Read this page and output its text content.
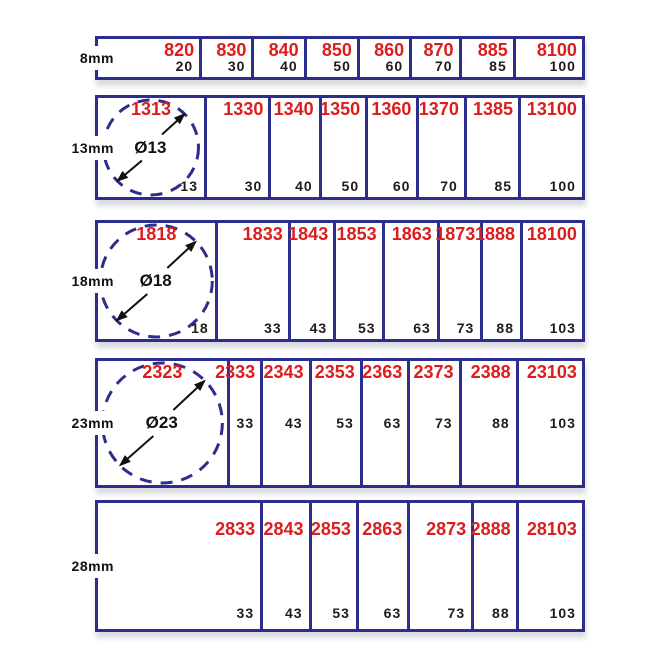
8mm	820
20
830
30
840
40
850
50
860
60
870
70
885
85
8100
100
13mm Ø13
1313
13
1330
30
1340
40
1350
50
1360
60
1370
70
1385
85
13100
100
18mm Ø18
1818
18
1833
33
1843
43
1853
53
1863
63
1873
73
1888
88
18100
103
23mm Ø23
2323	2333
33
2343
43
2353
53
2363
63
2373
73
2388
88
23103
103
28mm
2833
33
2843
43
2853
53
2863
63
2873
73
2888
88
28103
103
